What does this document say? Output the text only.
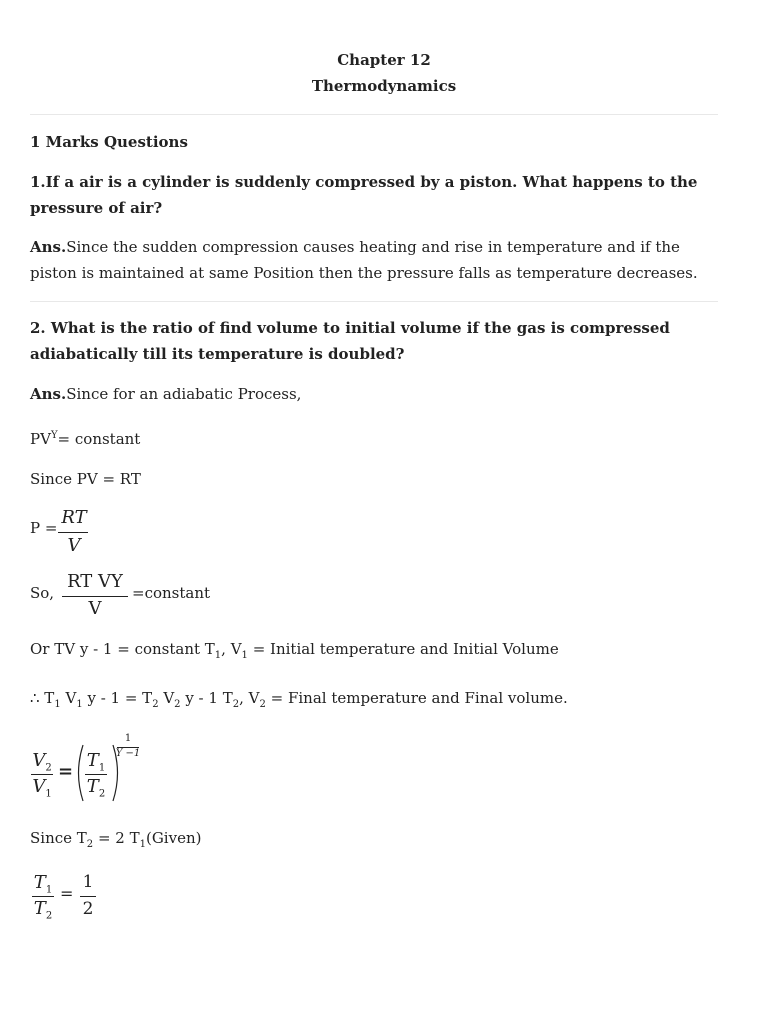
Chapter 12
Thermodynamics
1 Marks Questions
1.If a air is a cylinder is suddenly compressed by a piston. What happens to the pressure of air?
Ans.Since the sudden compression causes heating and rise in temperature and if the piston is maintained at same Position then the pressure falls as temperature decreases.
2. What is the ratio of find volume to initial volume if the gas is compressed adiabatically till its temperature is doubled?
Ans.Since for an adiabatic Process,
$PV^Y=$ constant
Since PV = RT
P = RT
V
So,
RT VY
V
=constant
Or TV y - 1 = constant $T_1$, $V_1$ = Initial temperature and Initial Volume
∴ $T_1$ $V_1$ $y - 1 = T_2$ $V_2$ y - 1 $T_2$, $V_2$ = Final temperature and Final volume.
$V_2$
$V_1$
=
$T_1$
$T_2$
1
Y −1
Since $T_2 = 2$ $T_1(Given)$
$T_1$
$T_2$
=
1
2
